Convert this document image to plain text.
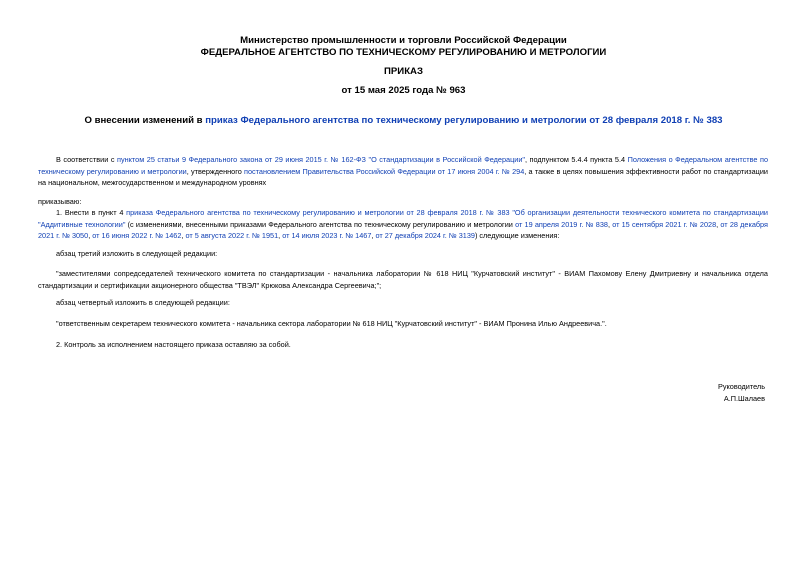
Министерство промышленности и торговли Российской Федерации
ФЕДЕРАЛЬНОЕ АГЕНТСТВО ПО ТЕХНИЧЕСКОМУ РЕГУЛИРОВАНИЮ И МЕТРОЛОГИИ
ПРИКАЗ
от 15 мая 2025 года № 963
О внесении изменений в приказ Федерального агентства по техническому регулированию и метрологии от 28 февраля 2018 г. № 383
В соответствии с пунктом 25 статьи 9 Федерального закона от 29 июня 2015 г. № 162-ФЗ "О стандартизации в Российской Федерации", подпунктом 5.4.4 пункта 5.4 Положения о Федеральном агентстве по техническому регулированию и метрологии, утвержденного постановлением Правительства Российской Федерации от 17 июня 2004 г. № 294, а также в целях повышения эффективности работ по стандартизации на национальном, межгосударственном и международном уровнях
приказываю:
1. Внести в пункт 4 приказа Федерального агентства по техническому регулированию и метрологии от 28 февраля 2018 г. № 383 "Об организации деятельности технического комитета по стандартизации "Аддитивные технологии" (с изменениями, внесенными приказами Федерального агентства по техническому регулированию и метрологии от 19 апреля 2019 г. № 838, от 15 сентября 2021 г. № 2028, от 28 декабря 2021 г. № 3050, от 16 июня 2022 г. № 1462, от 5 августа 2022 г. № 1951, от 14 июля 2023 г. № 1467, от 27 декабря 2024 г. № 3139) следующие изменения:
абзац третий изложить в следующей редакции:
"заместителями сопредседателей технического комитета по стандартизации - начальника лаборатории № 618 НИЦ "Курчатовский институт" - ВИАМ Пахомову Елену Дмитриевну и начальника отдела стандартизации и сертификации акционерного общества "ТВЭЛ" Крюкова Александра Сергеевича;";
абзац четвертый изложить в следующей редакции:
"ответственным секретарем технического комитета - начальника сектора лаборатории № 618 НИЦ "Курчатовский институт" - ВИАМ Пронина Илью Андреевича.".
2. Контроль за исполнением настоящего приказа оставляю за собой.
Руководитель
А.П.Шалаев
